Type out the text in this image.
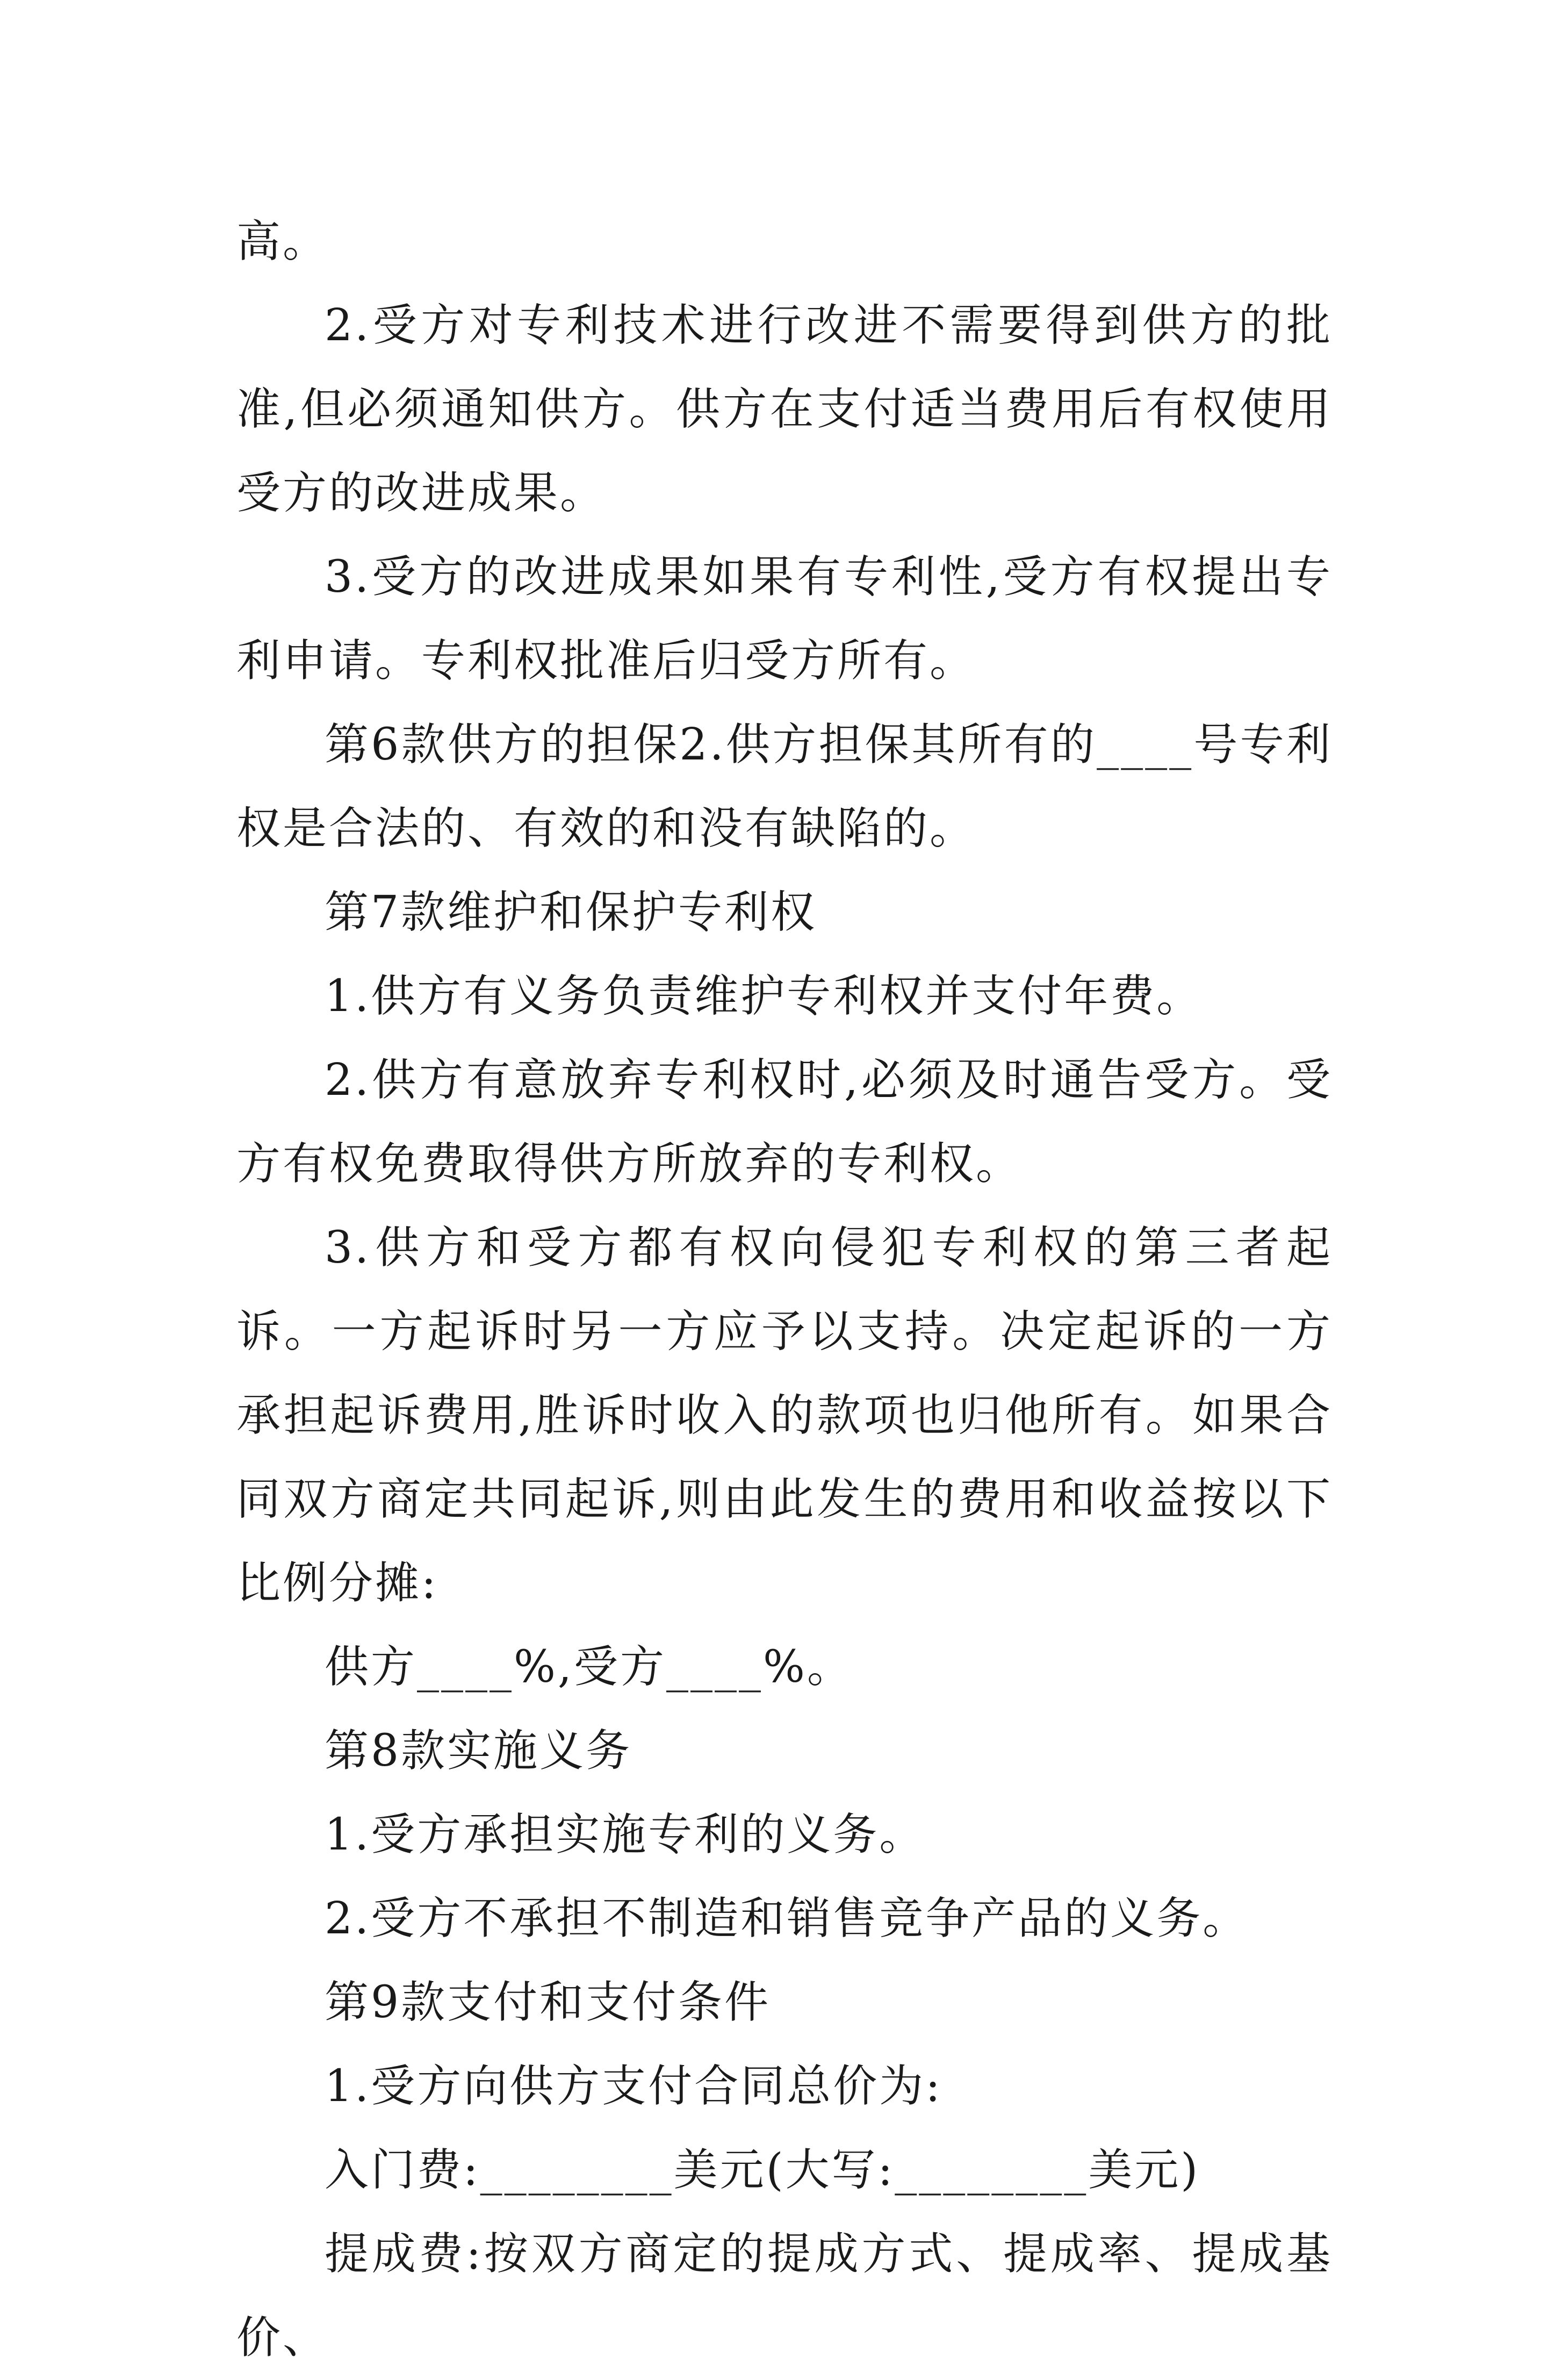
高。

2.受方对专利技术进行改进不需要得到供方的批准,但必须通知供方。供方在支付适当费用后有权使用受方的改进成果。

3.受方的改进成果如果有专利性,受方有权提出专利申请。专利权批准后归受方所有。

第6款供方的担保2.供方担保其所有的____号专利权是合法的、有效的和没有缺陷的。

第7款维护和保护专利权

1.供方有义务负责维护专利权并支付年费。

2.供方有意放弃专利权时,必须及时通告受方。受方有权免费取得供方所放弃的专利权。

3.供方和受方都有权向侵犯专利权的第三者起诉。一方起诉时另一方应予以支持。决定起诉的一方承担起诉费用,胜诉时收入的款项也归他所有。如果合同双方商定共同起诉,则由此发生的费用和收益按以下比例分摊:

供方____%,受方____%。

第8款实施义务

1.受方承担实施专利的义务。

2.受方不承担不制造和销售竞争产品的义务。

第9款支付和支付条件

1.受方向供方支付合同总价为:

入门费:________美元(大写:________美元)

提成费:按双方商定的提成方式、提成率、提成基价、
